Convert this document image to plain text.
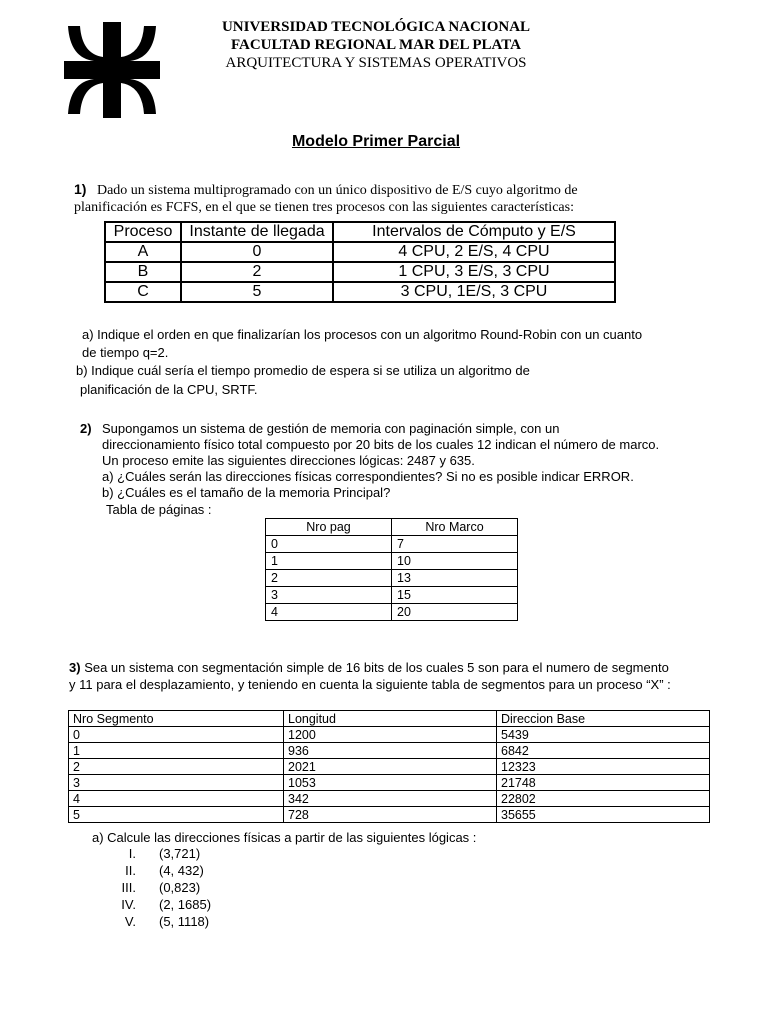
UNIVERSIDAD TECNOLÓGICA NACIONAL
FACULTAD REGIONAL MAR DEL PLATA
ARQUITECTURA Y SISTEMAS OPERATIVOS
Modelo Primer Parcial
1) Dado un sistema multiprogramado con un único dispositivo de E/S cuyo algoritmo de
planificación es FCFS, en el que se tienen tres procesos con las siguientes características:
Proceso	Instante de llegada	Intervalos de Cómputo y E/S
A	0	4 CPU, 2 E/S, 4 CPU
B	2	1 CPU, 3 E/S, 3 CPU
C	5	3 CPU, 1E/S, 3 CPU
a) Indique el orden en que finalizarían los procesos con un algoritmo Round-Robin con un cuanto
de tiempo q=2.
b) Indique cuál sería el tiempo promedio de espera si se utiliza un algoritmo de
planificación de la CPU, SRTF.
2) Supongamos un sistema de gestión de memoria con paginación simple, con un
direccionamiento físico total compuesto por 20 bits de los cuales 12 indican el número de marco.
Un proceso emite las siguientes direcciones lógicas: 2487 y 635.
a) ¿Cuáles serán las direcciones físicas correspondientes? Si no es posible indicar ERROR.
b) ¿Cuáles es el tamaño de la memoria Principal?
Tabla de páginas :
Nro pag	Nro Marco
0	7
1	10
2	13
3	15
4	20
3) Sea un sistema con segmentación simple de 16 bits de los cuales 5 son para el numero de segmento
y 11 para el desplazamiento, y teniendo en cuenta la siguiente tabla de segmentos para un proceso “X” :
Nro Segmento	Longitud	Direccion Base
0	1200	5439
1	936	6842
2	2021	12323
3	1053	21748
4	342	22802
5	728	35655
a) Calcule las direcciones físicas a partir de las siguientes lógicas :
I. (3,721)
II. (4, 432)
III. (0,823)
IV. (2, 1685)
V. (5, 1118)
